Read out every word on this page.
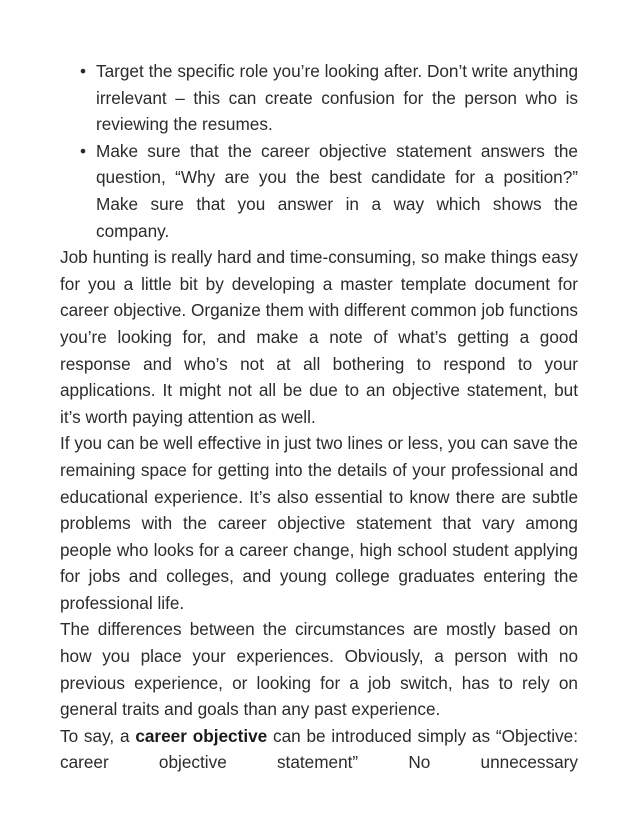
• Target the specific role you’re looking after. Don’t write anything irrelevant – this can create confusion for the person who is reviewing the resumes.
• Make sure that the career objective statement answers the question, “Why are you the best candidate for a position?” Make sure that you answer in a way which shows the company.

Job hunting is really hard and time-consuming, so make things easy for you a little bit by developing a master template document for career objective. Organize them with different common job functions you’re looking for, and make a note of what’s getting a good response and who’s not at all bothering to respond to your applications. It might not all be due to an objective statement, but it’s worth paying attention as well.

If you can be well effective in just two lines or less, you can save the remaining space for getting into the details of your professional and educational experience. It’s also essential to know there are subtle problems with the career objective statement that vary among people who looks for a career change, high school student applying for jobs and colleges, and young college graduates entering the professional life.

The differences between the circumstances are mostly based on how you place your experiences. Obviously, a person with no previous experience, or looking for a job switch, has to rely on general traits and goals than any past experience.

To say, a career objective can be introduced simply as “Objective: career objective statement” No unnecessary
